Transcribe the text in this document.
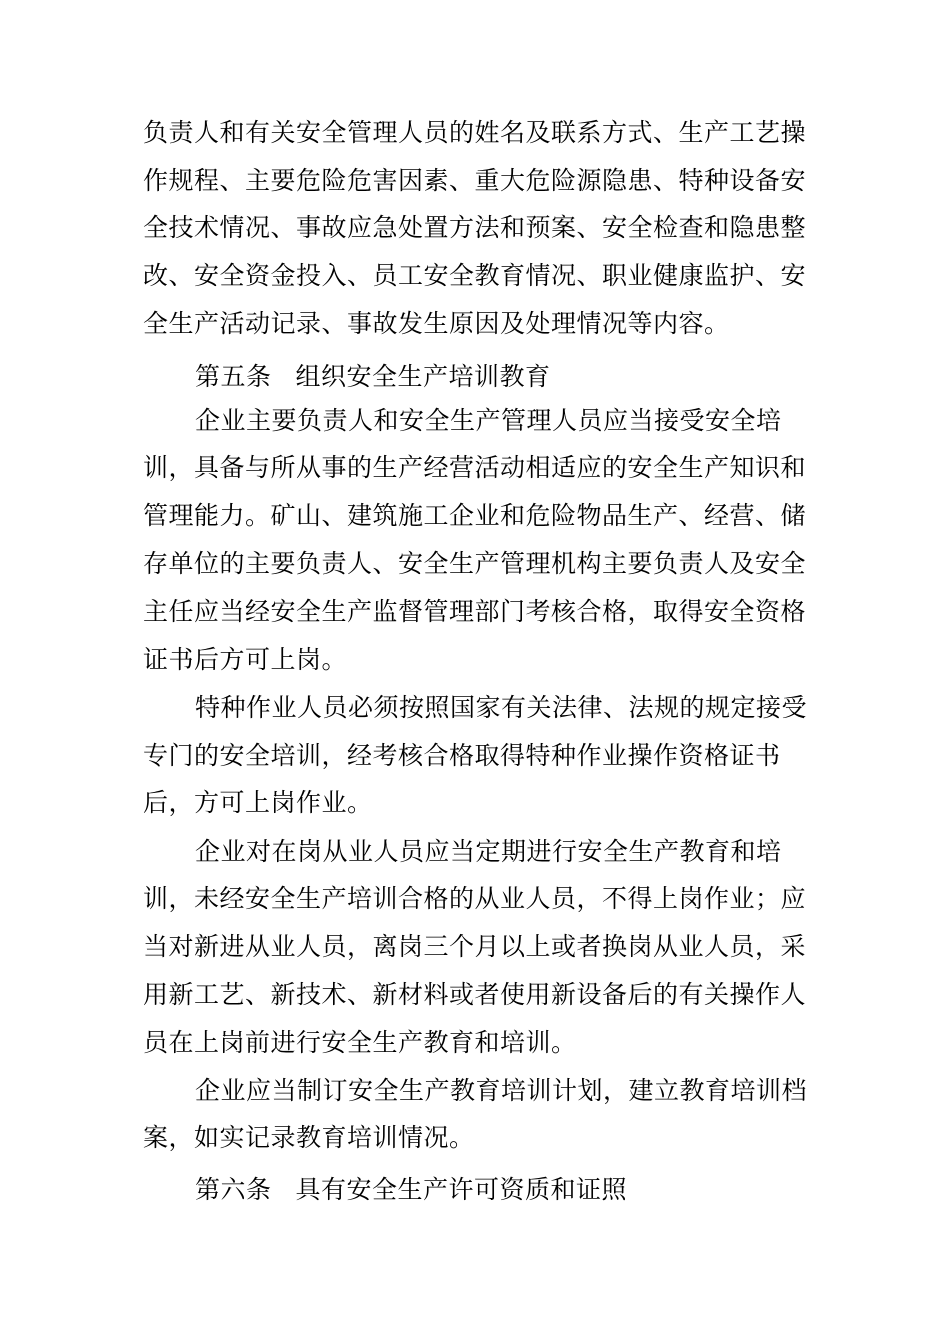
负责人和有关安全管理人员的姓名及联系方式、生产工艺操
作规程、主要危险危害因素、重大危险源隐患、特种设备安
全技术情况、事故应急处置方法和预案、安全检查和隐患整
改、安全资金投入、员工安全教育情况、职业健康监护、安
全生产活动记录、事故发生原因及处理情况等内容。
第五条 组织安全生产培训教育
企业主要负责人和安全生产管理人员应当接受安全培
训，具备与所从事的生产经营活动相适应的安全生产知识和
管理能力。矿山、建筑施工企业和危险物品生产、经营、储
存单位的主要负责人、安全生产管理机构主要负责人及安全
主任应当经安全生产监督管理部门考核合格，取得安全资格
证书后方可上岗。
特种作业人员必须按照国家有关法律、法规的规定接受
专门的安全培训，经考核合格取得特种作业操作资格证书
后，方可上岗作业。
企业对在岗从业人员应当定期进行安全生产教育和培
训，未经安全生产培训合格的从业人员，不得上岗作业；应
当对新进从业人员，离岗三个月以上或者换岗从业人员，采
用新工艺、新技术、新材料或者使用新设备后的有关操作人
员在上岗前进行安全生产教育和培训。
企业应当制订安全生产教育培训计划，建立教育培训档
案，如实记录教育培训情况。
第六条 具有安全生产许可资质和证照
